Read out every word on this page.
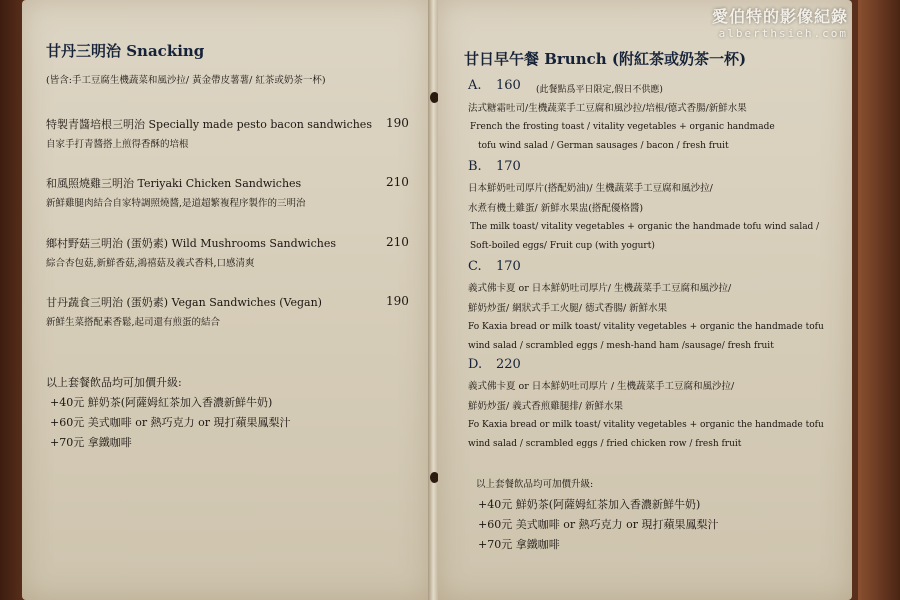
甘丹三明治 Snacking
(皆含:手工豆腐生機蔬菜和風沙拉/ 黃金帶皮薯薯/ 紅茶或奶茶一杯)
特製青醬培根三明治 Specially made pesto bacon sandwiches 190
自家手打青醬搭上煎得香酥的培根
和風照燒雞三明治 Teriyaki Chicken Sandwiches	210
新鮮雞腿肉結合自家特調照燒醬,是道超繁複程序製作的三明治
鄉村野菇三明治 (蛋奶素) Wild Mushrooms Sandwiches	210
綜合杏包菇,新鮮香菇,鴻禧菇及義式香料,口感清爽
甘丹蔬食三明治 (蛋奶素) Vegan Sandwiches (Vegan)	190
新鮮生菜搭配素香鬆,起司還有煎蛋的結合
以上套餐飲品均可加價升級:
+40元 鮮奶茶(阿薩姆紅茶加入香濃新鮮牛奶)
+60元 美式咖啡 or 熱巧克力 or 現打蘋果鳳梨汁
+70元 拿鐵咖啡
甘日早午餐 Brunch (附紅茶或奶茶一杯)
A. 160 (此餐點爲平日限定,假日不供應)
法式糖霜吐司/生機蔬菜手工豆腐和風沙拉/培根/德式香腸/新鮮水果
French the frosting toast / vitality vegetables + organic handmade
tofu wind salad / German sausages / bacon / fresh fruit
B. 170
日本鮮奶吐司厚片(搭配奶油)/ 生機蔬菜手工豆腐和風沙拉/
水煮有機土雞蛋/ 新鮮水果盅(搭配優格醬)
The milk toast/ vitality vegetables + organic the handmade tofu wind salad /
Soft-boiled eggs/ Fruit cup (with yogurt)
C. 170
義式佛卡夏 or 日本鮮奶吐司厚片/ 生機蔬菜手工豆腐和風沙拉/
鮮奶炒蛋/ 網狀式手工火腿/ 德式香腸/ 新鮮水果
Fo Kaxia bread or milk toast/ vitality vegetables + organic the handmade tofu
wind salad / scrambled eggs / mesh-hand ham /sausage/ fresh fruit
D. 220
義式佛卡夏 or 日本鮮奶吐司厚片 / 生機蔬菜手工豆腐和風沙拉/
鮮奶炒蛋/ 義式香煎雞腿排/ 新鮮水果
Fo Kaxia bread or milk toast/ vitality vegetables + organic the handmade tofu
wind salad / scrambled eggs / fried chicken row / fresh fruit
以上套餐飲品均可加價升級:
+40元 鮮奶茶(阿薩姆紅茶加入香濃新鮮牛奶)
+60元 美式咖啡 or 熱巧克力 or 現打蘋果鳳梨汁
+70元 拿鐵咖啡
愛伯特的影像紀錄
alberthsieh.com
